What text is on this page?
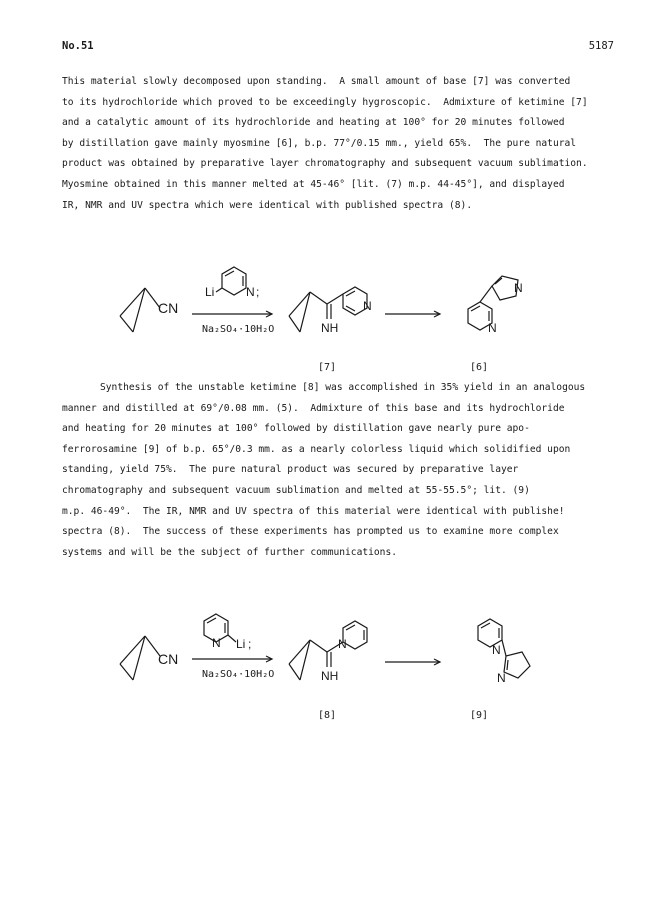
No.51	5187
This material slowly decomposed upon standing.  A small amount of base [7] was converted
to its hydrochloride which proved to be exceedingly hygroscopic.  Admixture of ketimine [7]
and a catalytic amount of its hydrochloride and heating at 100° for 20 minutes followed
by distillation gave mainly myosmine [6], b.p. 77°/0.15 mm., yield 65%.  The pure natural
product was obtained by preparative layer chromatography and subsequent vacuum sublimation.
Myosmine obtained in this manner melted at 45-46° [lit. (7) m.p. 44-45°], and displayed
IR, NMR and UV spectra which were identical with published spectra (8).
CN
Li	N ;
Na₂SO₄·10H₂O
N
NH
N
N
[7]	[6]
Synthesis of the unstable ketimine [8] was accomplished in 35% yield in an analogous
manner and distilled at 69°/0.08 mm. (5).  Admixture of this base and its hydrochloride
and heating for 20 minutes at 100° followed by distillation gave nearly pure apo-
ferrorosamine [9] of b.p. 65°/0.3 mm. as a nearly colorless liquid which solidified upon
standing, yield 75%.  The pure natural product was secured by preparative layer
chromatography and subsequent vacuum sublimation and melted at 55-55.5°; lit. (9)
m.p. 46-49°.  The IR, NMR and UV spectra of this material were identical with publishe!
spectra (8).  The success of these experiments has prompted us to examine more complex
systems and will be the subject of further communications.
CN
Li
N ;
Na₂SO₄·10H₂O
N
NH
N
N
[8]	[9]
